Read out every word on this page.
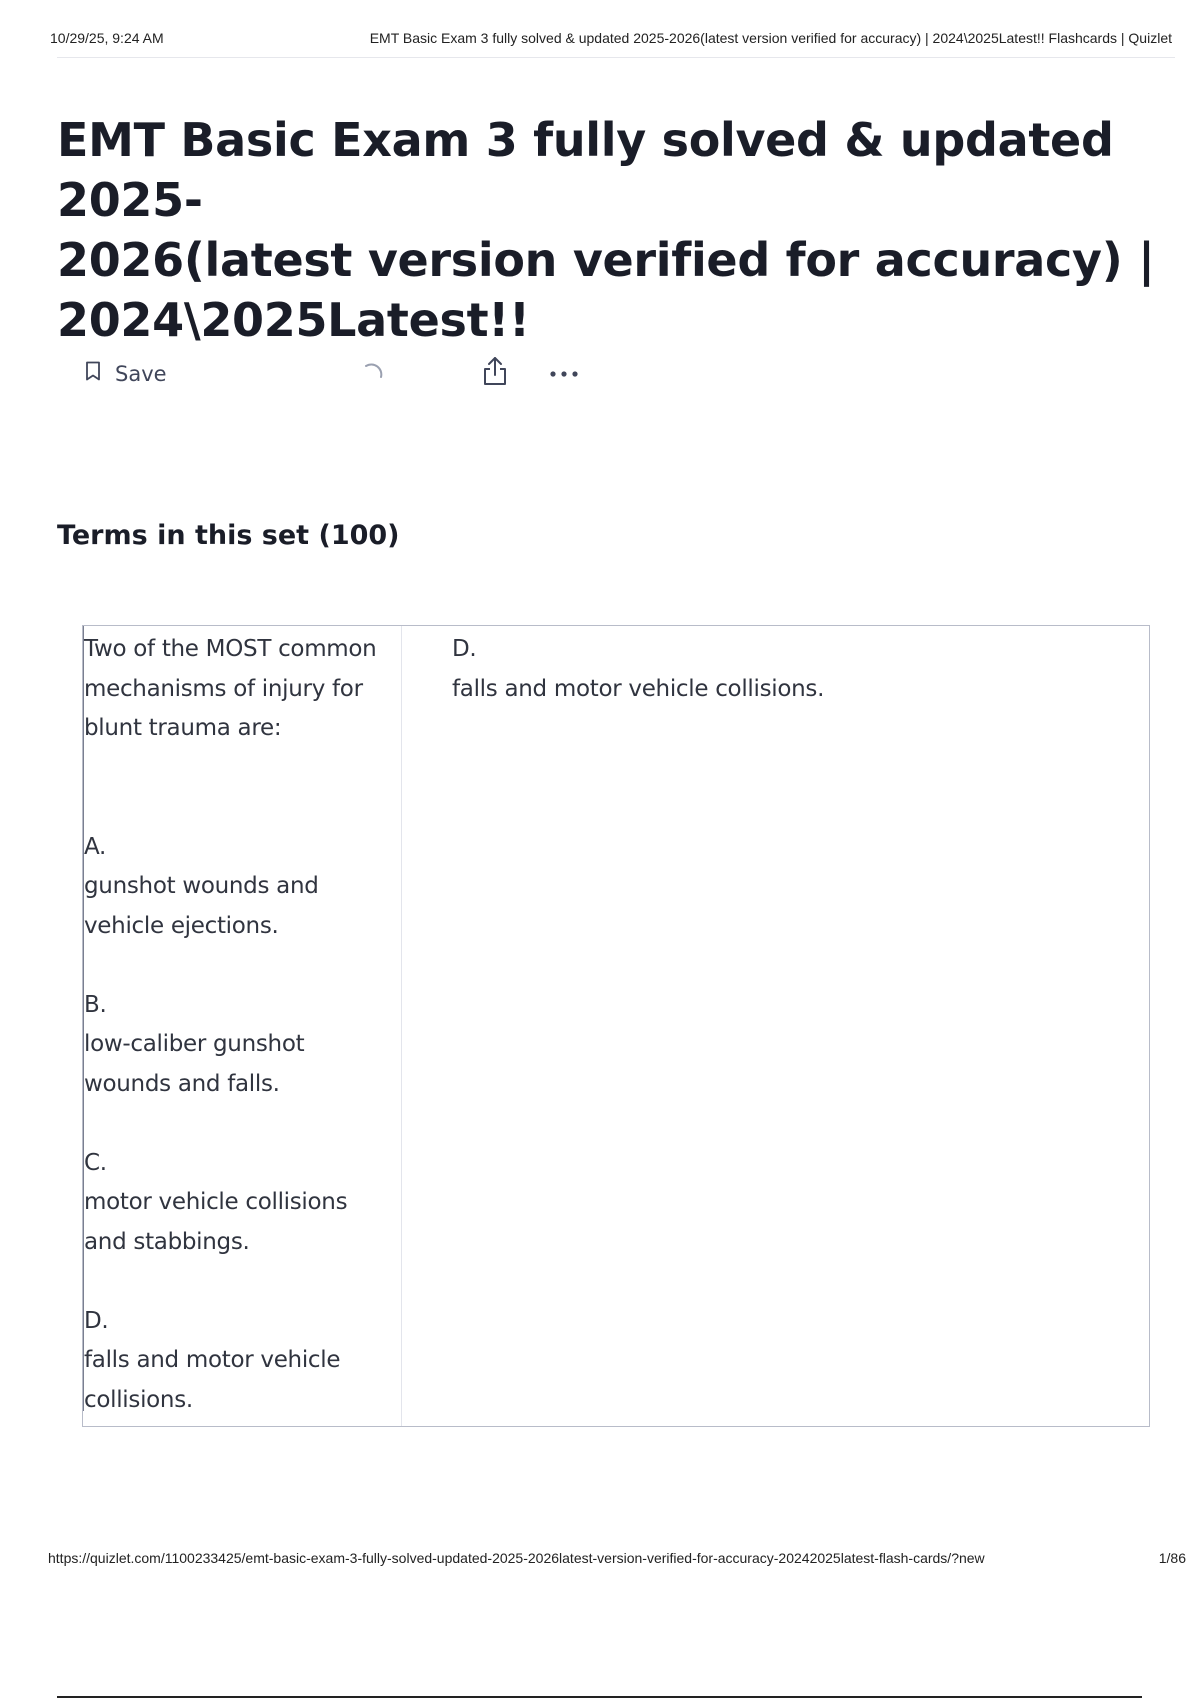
10/29/25, 9:24 AM	EMT Basic Exam 3 fully solved & updated 2025-2026(latest version verified for accuracy) | 2024\2025Latest!! Flashcards | Quizlet
EMT Basic Exam 3 fully solved & updated 2025-
2026(latest version verified for accuracy) |
2024\2025Latest!!
Save
Terms in this set (100)
Two of the MOST common
mechanisms of injury for
blunt trauma are:

A.
gunshot wounds and
vehicle ejections.

B.
low-caliber gunshot
wounds and falls.

C.
motor vehicle collisions
and stabbings.

D.
falls and motor vehicle
collisions.
D.
falls and motor vehicle collisions.
https://quizlet.com/1100233425/emt-basic-exam-3-fully-solved-updated-2025-2026latest-version-verified-for-accuracy-20242025latest-flash-cards/?new	1/86
